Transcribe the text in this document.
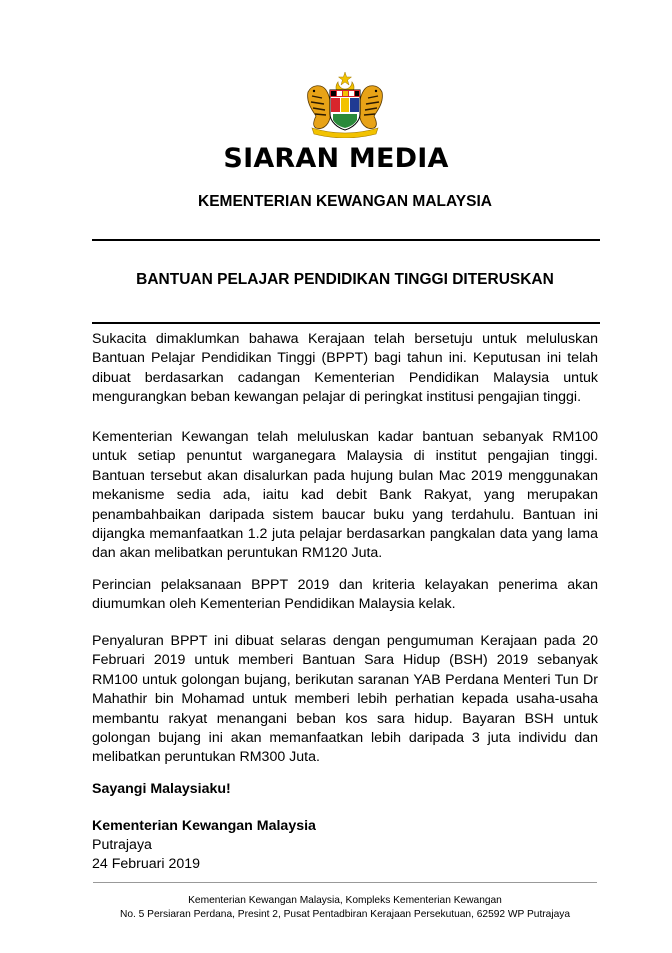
SIARAN MEDIA
KEMENTERIAN KEWANGAN MALAYSIA
BANTUAN PELAJAR PENDIDIKAN TINGGI DITERUSKAN

Sukacita dimaklumkan bahawa Kerajaan telah bersetuju untuk meluluskan Bantuan Pelajar Pendidikan Tinggi (BPPT) bagi tahun ini. Keputusan ini telah dibuat berdasarkan cadangan Kementerian Pendidikan Malaysia untuk mengurangkan beban kewangan pelajar di peringkat institusi pengajian tinggi.

Kementerian Kewangan telah meluluskan kadar bantuan sebanyak RM100 untuk setiap penuntut warganegara Malaysia di institut pengajian tinggi. Bantuan tersebut akan disalurkan pada hujung bulan Mac 2019 menggunakan mekanisme sedia ada, iaitu kad debit Bank Rakyat, yang merupakan penambahbaikan daripada sistem baucar buku yang terdahulu. Bantuan ini dijangka memanfaatkan 1.2 juta pelajar berdasarkan pangkalan data yang lama dan akan melibatkan peruntukan RM120 Juta.

Perincian pelaksanaan BPPT 2019 dan kriteria kelayakan penerima akan diumumkan oleh Kementerian Pendidikan Malaysia kelak.

Penyaluran BPPT ini dibuat selaras dengan pengumuman Kerajaan pada 20 Februari 2019 untuk memberi Bantuan Sara Hidup (BSH) 2019 sebanyak RM100 untuk golongan bujang, berikutan saranan YAB Perdana Menteri Tun Dr Mahathir bin Mohamad untuk memberi lebih perhatian kepada usaha-usaha membantu rakyat menangani beban kos sara hidup. Bayaran BSH untuk golongan bujang ini akan memanfaatkan lebih daripada 3 juta individu dan melibatkan peruntukan RM300 Juta.

Sayangi Malaysiaku!
Kementerian Kewangan Malaysia
Putrajaya
24 Februari 2019
Kementerian Kewangan Malaysia, Kompleks Kementerian Kewangan
No. 5 Persiaran Perdana, Presint 2, Pusat Pentadbiran Kerajaan Persekutuan, 62592 WP Putrajaya
